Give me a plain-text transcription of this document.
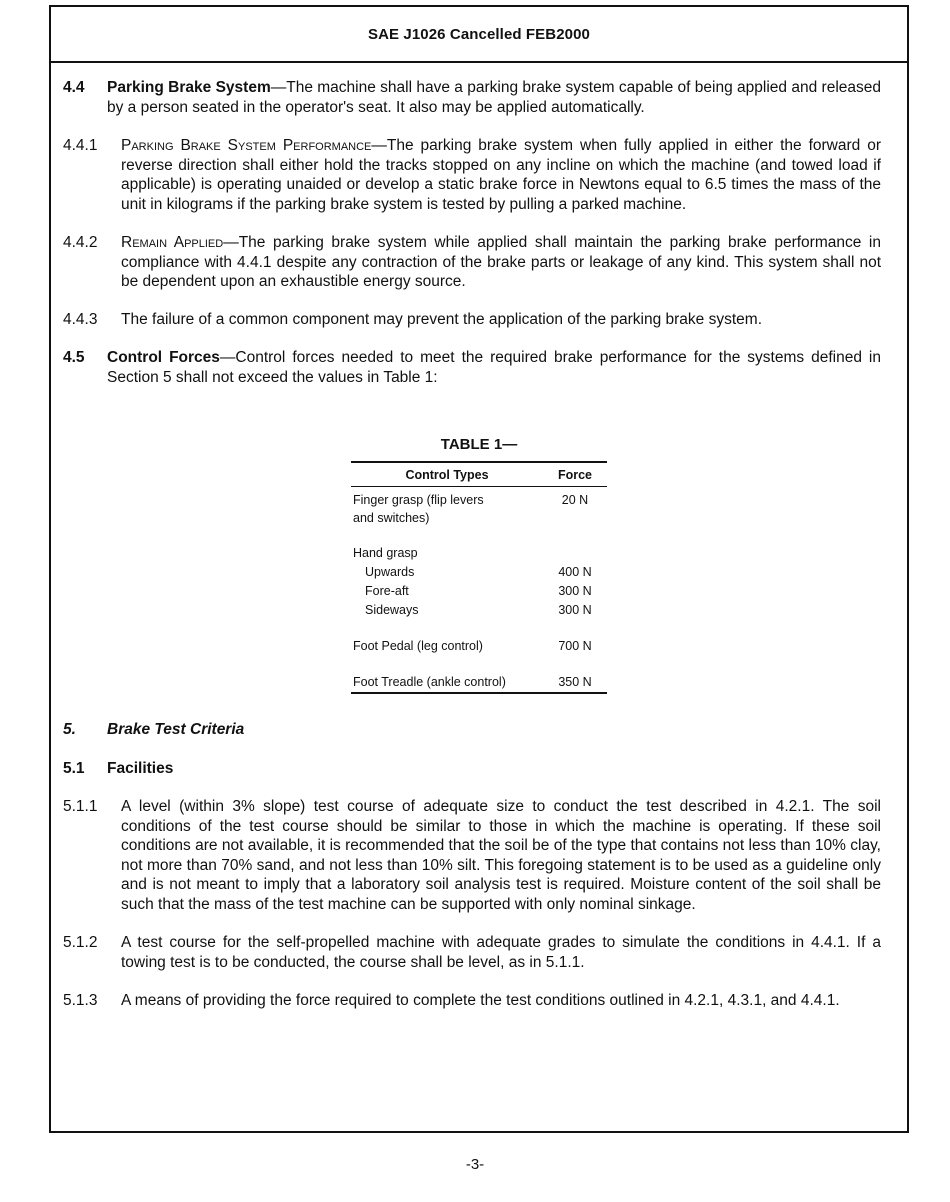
SAE J1026 Cancelled FEB2000
4.4	Parking Brake System—The machine shall have a parking brake system capable of being applied and released by a person seated in the operator's seat. It also may be applied automatically.
4.4.1	Parking Brake System Performance—The parking brake system when fully applied in either the forward or reverse direction shall either hold the tracks stopped on any incline on which the machine (and towed load if applicable) is operating unaided or develop a static brake force in Newtons equal to 6.5 times the mass of the unit in kilograms if the parking brake system is tested by pulling a parked machine.
4.4.2	Remain Applied—The parking brake system while applied shall maintain the parking brake performance in compliance with 4.4.1 despite any contraction of the brake parts or leakage of any kind. This system shall not be dependent upon an exhaustible energy source.
4.4.3	The failure of a common component may prevent the application of the parking brake system.
4.5	Control Forces—Control forces needed to meet the required brake performance for the systems defined in Section 5 shall not exceed the values in Table 1:
TABLE 1—
Control Types	Force

Finger grasp (flip levers and switches)	20 N

Hand grasp	
Upwards	400 N
Fore-aft	300 N
Sideways	300 N

Foot Pedal (leg control)	700 N

Foot Treadle (ankle control)	350 N
5.	Brake Test Criteria
5.1	Facilities
5.1.1	A level (within 3% slope) test course of adequate size to conduct the test described in 4.2.1. The soil conditions of the test course should be similar to those in which the machine is operating. If these soil conditions are not available, it is recommended that the soil be of the type that contains not less than 10% clay, not more than 70% sand, and not less than 10% silt. This foregoing statement is to be used as a guideline only and is not meant to imply that a laboratory soil analysis test is required. Moisture content of the soil shall be such that the mass of the test machine can be supported with only nominal sinkage.
5.1.2	A test course for the self-propelled machine with adequate grades to simulate the conditions in 4.4.1. If a towing test is to be conducted, the course shall be level, as in 5.1.1.
5.1.3	A means of providing the force required to complete the test conditions outlined in 4.2.1, 4.3.1, and 4.4.1.
-3-
